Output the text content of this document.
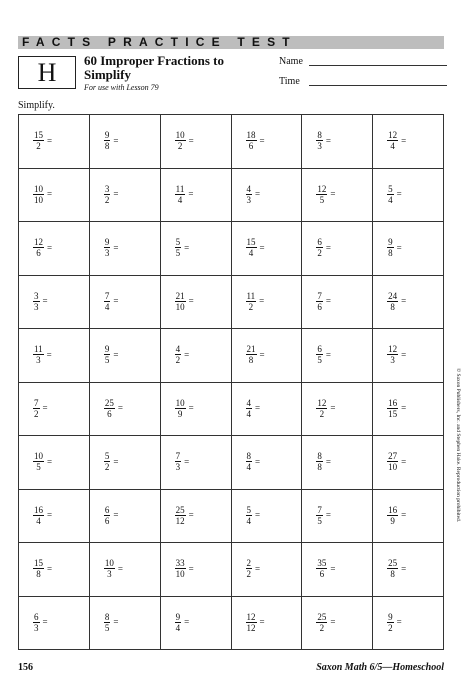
FACTS PRACTICE TEST
H	60 Improper Fractions to Simplify
For use with Lesson 79
Name
Time
Simplify.
$\frac{15}{2}$ =	$\frac{9}{8}$ =	$\frac{10}{2}$ =	$\frac{18}{6}$ =	$\frac{8}{3}$ =	$\frac{12}{4}$ =
$\frac{10}{10}$ =	$\frac{3}{2}$ =	$\frac{11}{4}$ =	$\frac{4}{3}$ =	$\frac{12}{5}$ =	$\frac{5}{4}$ =
$\frac{12}{6}$ =	$\frac{9}{3}$ =	$\frac{5}{5}$ =	$\frac{15}{4}$ =	$\frac{6}{2}$ =	$\frac{9}{8}$ =
$\frac{3}{3}$ =	$\frac{7}{4}$ =	$\frac{21}{10}$ =	$\frac{11}{2}$ =	$\frac{7}{6}$ =	$\frac{24}{8}$ =
$\frac{11}{3}$ =	$\frac{9}{5}$ =	$\frac{4}{2}$ =	$\frac{21}{8}$ =	$\frac{6}{5}$ =	$\frac{12}{3}$ =
$\frac{7}{2}$ =	$\frac{25}{6}$ =	$\frac{10}{9}$ =	$\frac{4}{4}$ =	$\frac{12}{2}$ =	$\frac{16}{15}$ =
$\frac{10}{5}$ =	$\frac{5}{2}$ =	$\frac{7}{3}$ =	$\frac{8}{4}$ =	$\frac{8}{8}$ =	$\frac{27}{10}$ =
$\frac{16}{4}$ =	$\frac{6}{6}$ =	$\frac{25}{12}$ =	$\frac{5}{4}$ =	$\frac{7}{5}$ =	$\frac{16}{9}$ =
$\frac{15}{8}$ =	$\frac{10}{3}$ =	$\frac{33}{10}$ =	$\frac{2}{2}$ =	$\frac{35}{6}$ =	$\frac{25}{8}$ =
$\frac{6}{3}$ =	$\frac{8}{5}$ =	$\frac{9}{4}$ =	$\frac{12}{12}$ =	$\frac{25}{2}$ =	$\frac{9}{2}$ =
© Saxon Publishers, Inc. and Stephen Hake. Reproduction prohibited.
156	Saxon Math 6/5—Homeschool
